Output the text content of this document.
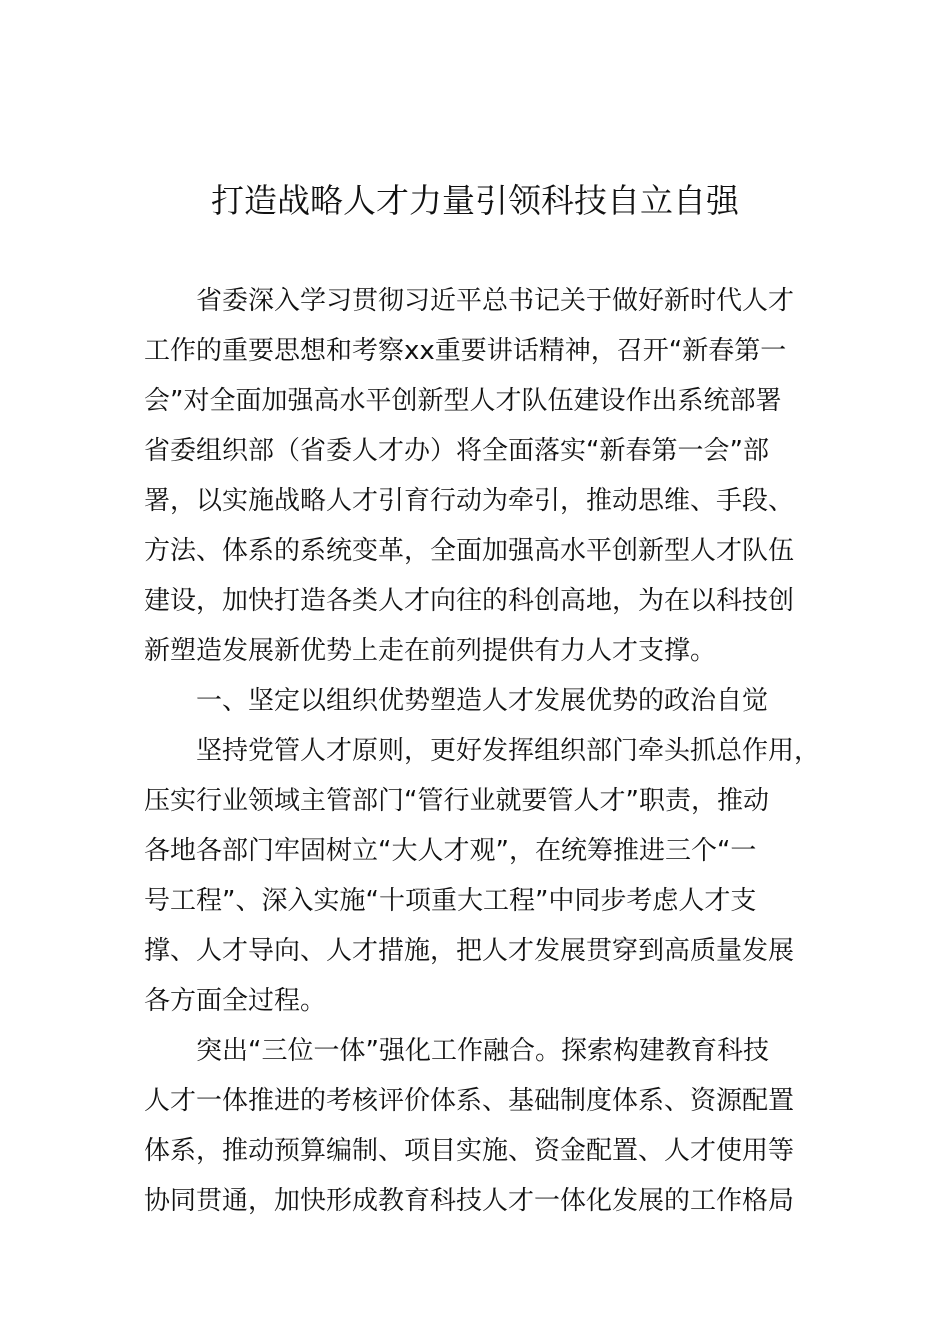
打造战略人才力量引领科技自立自强

省委深入学习贯彻习近平总书记关于做好新时代人才
工作的重要思想和考察xx重要讲话精神，召开“新春第一
会”对全面加强高水平创新型人才队伍建设作出系统部署
省委组织部（省委人才办）将全面落实“新春第一会”部
署，以实施战略人才引育行动为牵引，推动思维、手段、
方法、体系的系统变革，全面加强高水平创新型人才队伍
建设，加快打造各类人才向往的科创高地，为在以科技创
新塑造发展新优势上走在前列提供有力人才支撑。

一、坚定以组织优势塑造人才发展优势的政治自觉

坚持党管人才原则，更好发挥组织部门牵头抓总作用，
压实行业领域主管部门“管行业就要管人才”职责，推动
各地各部门牢固树立“大人才观”，在统筹推进三个“一
号工程”、深入实施“十项重大工程”中同步考虑人才支
撑、人才导向、人才措施，把人才发展贯穿到高质量发展
各方面全过程。

突出“三位一体”强化工作融合。探索构建教育科技
人才一体推进的考核评价体系、基础制度体系、资源配置
体系，推动预算编制、项目实施、资金配置、人才使用等
协同贯通，加快形成教育科技人才一体化发展的工作格局
